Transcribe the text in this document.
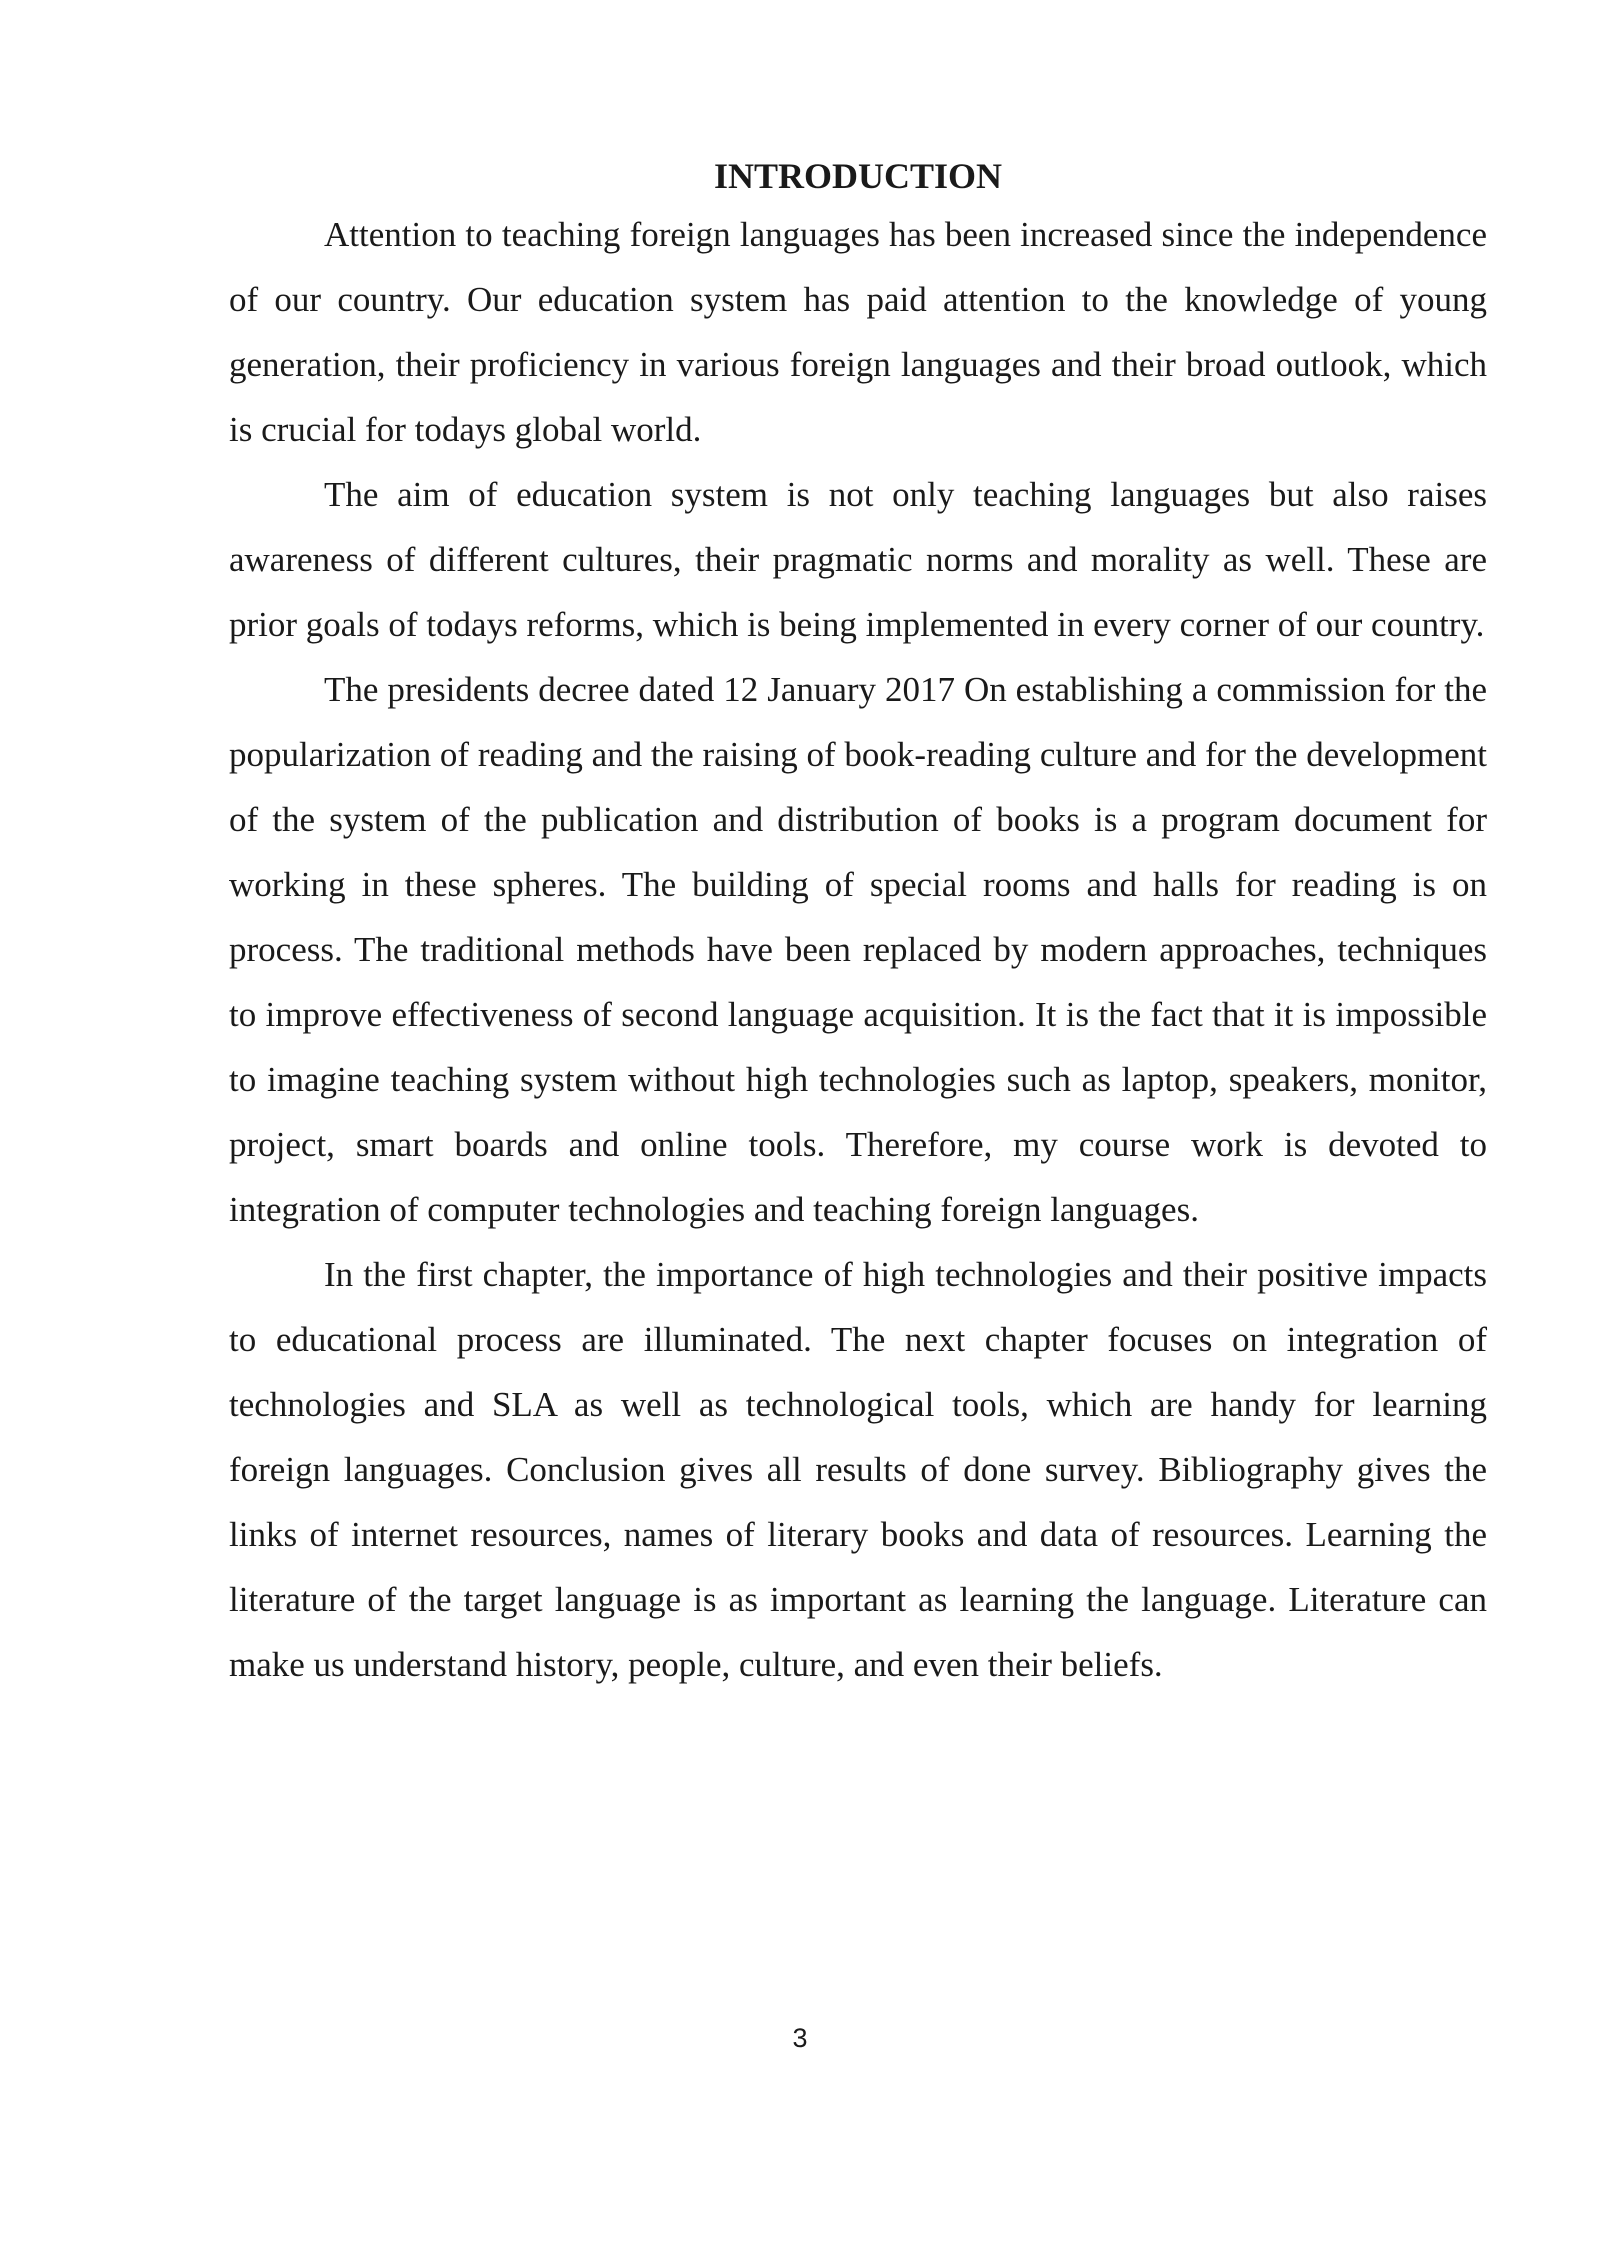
INTRODUCTION

Attention to teaching foreign languages has been increased since the independence of our country. Our education system has paid attention to the knowledge of young generation, their proficiency in various foreign languages and their broad outlook, which is crucial for todays global world.

The aim of education system is not only teaching languages but also raises awareness of different cultures, their pragmatic norms and morality as well. These are prior goals of todays reforms, which is being implemented in every corner of our country.

The presidents decree dated 12 January 2017 On establishing a commission for the popularization of reading and the raising of book-reading culture and for the development of the system of the publication and distribution of books is a program document for working in these spheres. The building of special rooms and halls for reading is on process. The traditional methods have been replaced by modern approaches, techniques to improve effectiveness of second language acquisition. It is the fact that it is impossible to imagine teaching system without high technologies such as laptop, speakers, monitor, project, smart boards and online tools. Therefore, my course work is devoted to integration of computer technologies and teaching foreign languages.

In the first chapter, the importance of high technologies and their positive impacts to educational process are illuminated. The next chapter focuses on integration of technologies and SLA as well as technological tools, which are handy for learning foreign languages. Conclusion gives all results of done survey. Bibliography gives the links of internet resources, names of literary books and data of resources. Learning the literature of the target language is as important as learning the language. Literature can make us understand history, people, culture, and even their beliefs.

3
